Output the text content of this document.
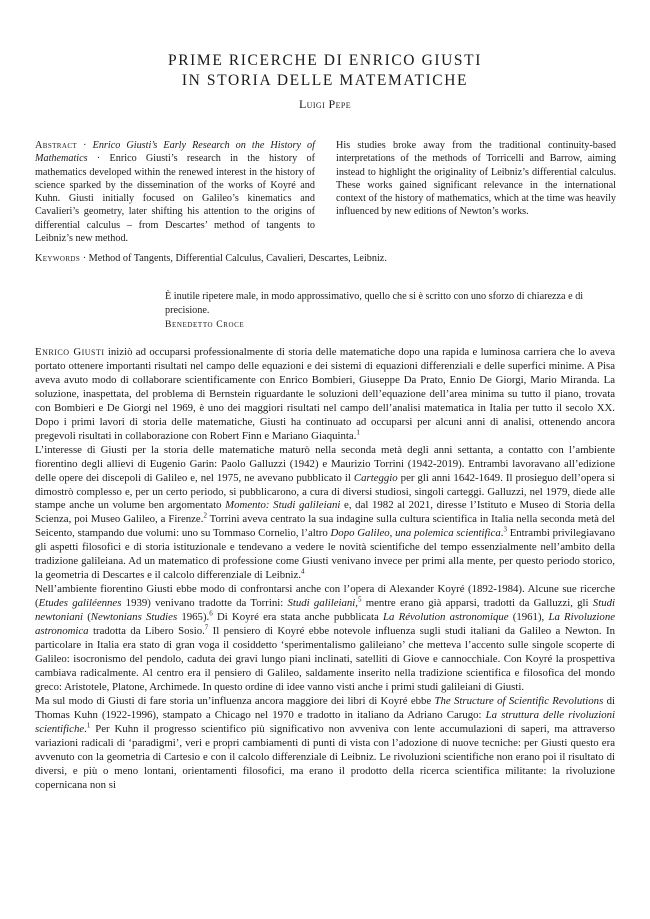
PRIME RICERCHE DI ENRICO GIUSTI
IN STORIA DELLE MATEMATICHE
Luigi Pepe
Abstract · Enrico Giusti’s Early Research on the History of Mathematics · Enrico Giusti’s research in the history of mathematics developed within the renewed interest in the history of science sparked by the dissemination of the works of Koyré and Kuhn. Giusti initially focused on Galileo’s kinematics and Cavalieri’s geometry, later shifting his attention to the origins of differential calculus – from Descartes’ method of tangents to Leibniz’s new method.
His studies broke away from the traditional continuity-based interpretations of the methods of Torricelli and Barrow, aiming instead to highlight the originality of Leibniz’s differential calculus. These works gained significant relevance in the international context of the history of mathematics, which at the time was heavily influenced by new editions of Newton’s works.
Keywords · Method of Tangents, Differential Calculus, Cavalieri, Descartes, Leibniz.
È inutile ripetere male, in modo approssimativo, quello che si è scritto con uno sforzo di chiarezza e di precisione.
Benedetto Croce

Enrico Giusti iniziò ad occuparsi professionalmente di storia delle matematiche dopo una rapida e luminosa carriera che lo aveva portato ottenere importanti risultati nel campo delle equazioni e dei sistemi di equazioni differenziali e delle superfici minime. A Pisa aveva avuto modo di collaborare scientificamente con Enrico Bombieri, Giuseppe Da Prato, Ennio De Giorgi, Mario Miranda. La soluzione, inaspettata, del problema di Bernstein riguardante le soluzioni dell’equazione dell’area minima su tutto il piano, trovata con Bombieri e De Giorgi nel 1969, è uno dei maggiori risultati nel campo dell’analisi matematica in Italia per tutto il secolo XX. Dopo i primi lavori di storia delle matematiche, Giusti ha continuato ad occuparsi per alcuni anni di analisi, ottenendo ancora pregevoli risultati in collaborazione con Robert Finn e Mariano Giaquinta.$^1$

L’interesse di Giusti per la storia delle matematiche maturò nella seconda metà degli anni settanta, a contatto con l’ambiente fiorentino degli allievi di Eugenio Garin: Paolo Galluzzi (1942) e Maurizio Torrini (1942-2019). Entrambi lavoravano all’edizione delle opere dei discepoli di Galileo e, nel 1975, ne avevano pubblicato il Carteggio per gli anni 1642-1649. Il prosieguo dell’opera si dimostrò complesso e, per un certo periodo, si pubblicarono, a cura di diversi studiosi, singoli carteggi. Galluzzi, nel 1979, diede alle stampe anche un volume ben argomentato Momento: Studi galileiani e, dal 1982 al 2021, diresse l’Istituto e Museo di Storia della Scienza, poi Museo Galileo, a Firenze.$^2$ Torrini aveva centrato la sua indagine sulla cultura scientifica in Italia nella seconda metà del Seicento, stampando due volumi: uno su Tommaso Cornelio, l’altro Dopo Galileo, una polemica scientifica.$^3$ Entrambi privilegiavano gli aspetti filosofici e di storia istituzionale e tendevano a vedere le novità scientifiche del tempo essenzialmente nell’ambito della tradizione galileiana. Ad un matematico di professione come Giusti venivano invece per primi alla mente, per questo periodo storico, la geometria di Descartes e il calcolo differenziale di Leibniz.$^4$

Nell’ambiente fiorentino Giusti ebbe modo di confrontarsi anche con l’opera di Alexander Koyré (1892-1984). Alcune sue ricerche (Etudes galiléennes 1939) venivano tradotte da Torrini: Studi galileiani,$^5$ mentre erano già apparsi, tradotti da Galluzzi, gli Studi newtoniani (Newtonians Studies 1965).$^6$ Di Koyré era stata anche pubblicata La Révolution astronomique (1961), La Rivoluzione astronomica tradotta da Libero Sosio.$^7$ Il pensiero di Koyré ebbe notevole influenza sugli studi italiani da Galileo a Newton. In particolare in Italia era stato di gran voga il cosiddetto ‘sperimentalismo galileiano’ che metteva l’accento sulle singole scoperte di Galileo: isocronismo del pendolo, caduta dei gravi lungo piani inclinati, satelliti di Giove e cannocchiale. Con Koyré la prospettiva cambiava radicalmente. Al centro era il pensiero di Galileo, saldamente inserito nella tradizione scientifica e filosofica del mondo greco: Aristotele, Platone, Archimede. In questo ordine di idee vanno visti anche i primi studi galileiani di Giusti.

Ma sul modo di Giusti di fare storia un’influenza ancora maggiore dei libri di Koyré ebbe The Structure of Scientific Revolutions di Thomas Kuhn (1922-1996), stampato a Chicago nel 1970 e tradotto in italiano da Adriano Carugo: La struttura delle rivoluzioni scientifiche.$^1$ Per Kuhn il progresso scientifico più significativo non avveniva con lente accumulazioni di saperi, ma attraverso variazioni radicali di ‘paradigmi’, veri e propri cambiamenti di punti di vista con l’adozione di nuove tecniche: per Giusti questo era avvenuto con la geometria di Cartesio e con il calcolo differenziale di Leibniz. Le rivoluzioni scientifiche non erano poi il risultato di diversi, e più o meno lontani, orientamenti filosofici, ma erano il prodotto della ricerca scientifica militante: la rivoluzione copernicana non si
